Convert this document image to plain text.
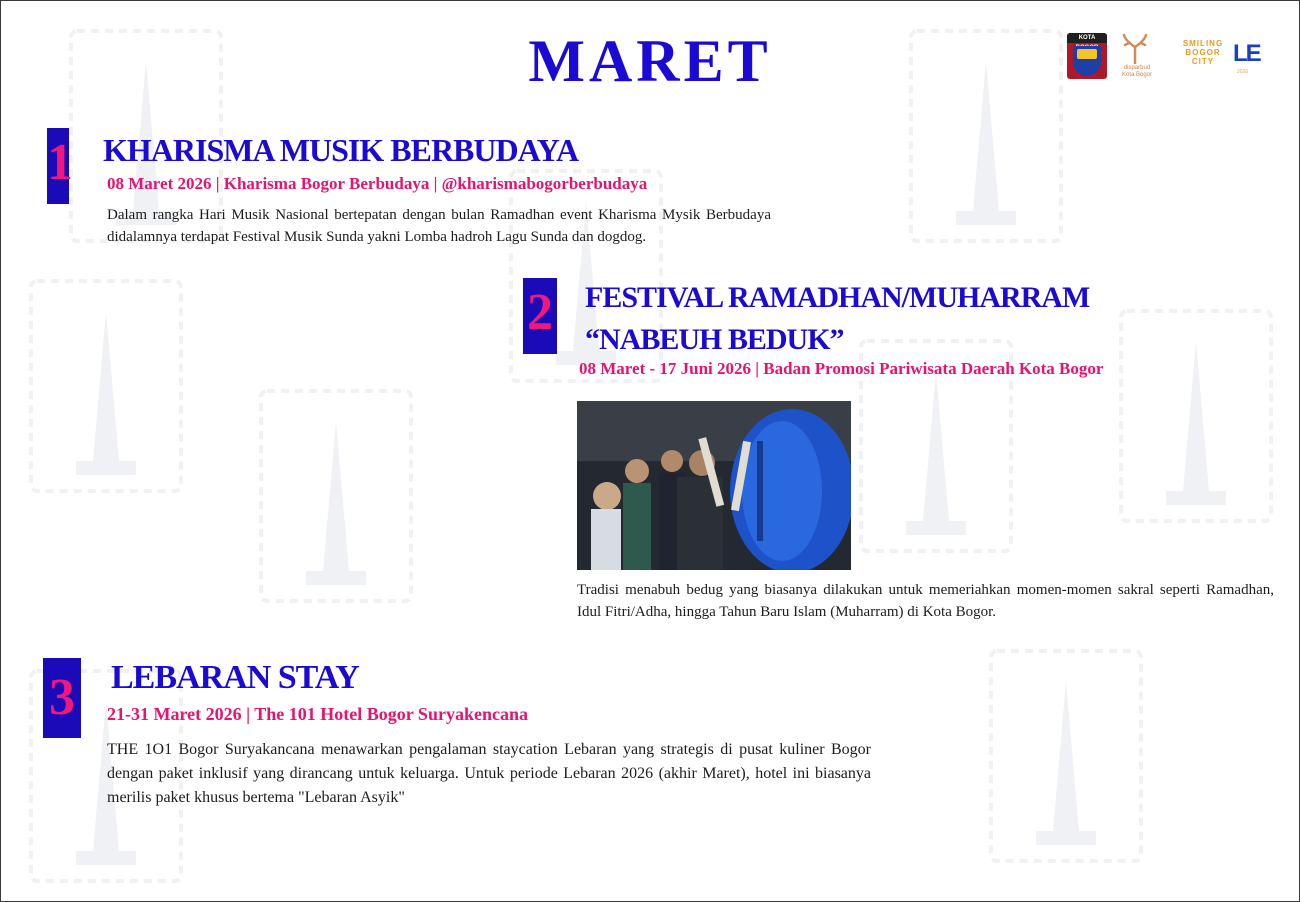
MARET	KOTA
disparbud
Kota Bogor
SMILING
BOGOR
CITY LE
2026
1 KHARISMA MUSIK BERBUDAYA
08 Maret 2026 | Kharisma Bogor Berbudaya | @kharismabogorberbudaya
Dalam rangka Hari Musik Nasional bertepatan dengan bulan Ramadhan event Kharisma Mysik Berbudaya didalamnya terdapat Festival Musik Sunda yakni Lomba hadroh Lagu Sunda dan dogdog.
2 FESTIVAL RAMADHAN/MUHARRAM
“NABEUH BEDUK”
08 Maret - 17 Juni 2026 | Badan Promosi Pariwisata Daerah Kota Bogor
Tradisi menabuh bedug yang biasanya dilakukan untuk memeriahkan momen-momen sakral seperti Ramadhan, Idul Fitri/Adha, hingga Tahun Baru Islam (Muharram) di Kota Bogor.
3 LEBARAN STAY
21-31 Maret 2026 | The 101 Hotel Bogor Suryakencana
THE 1O1 Bogor Suryakancana menawarkan pengalaman staycation Lebaran yang strategis di pusat kuliner Bogor dengan paket inklusif yang dirancang untuk keluarga. Untuk periode Lebaran 2026 (akhir Maret), hotel ini biasanya merilis paket khusus bertema "Lebaran Asyik"
